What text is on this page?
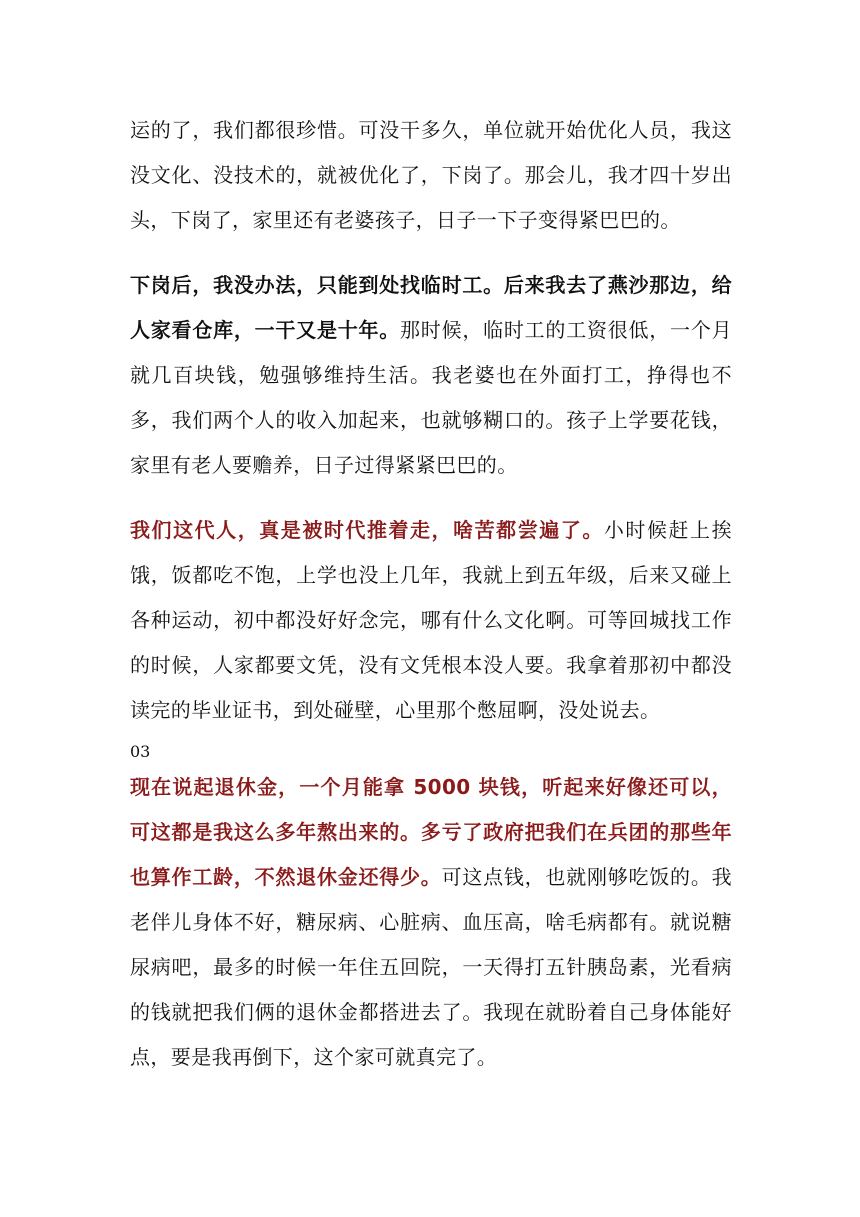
运的了，我们都很珍惜。可没干多久，单位就开始优化人员，我这没文化、没技术的，就被优化了，下岗了。那会儿，我才四十岁出头，下岗了，家里还有老婆孩子，日子一下子变得紧巴巴的。

下岗后，我没办法，只能到处找临时工。后来我去了燕沙那边，给人家看仓库，一干又是十年。那时候，临时工的工资很低，一个月就几百块钱，勉强够维持生活。我老婆也在外面打工，挣得也不多，我们两个人的收入加起来，也就够糊口的。孩子上学要花钱，家里有老人要赡养，日子过得紧紧巴巴的。

我们这代人，真是被时代推着走，啥苦都尝遍了。小时候赶上挨饿，饭都吃不饱，上学也没上几年，我就上到五年级，后来又碰上各种运动，初中都没好好念完，哪有什么文化啊。可等回城找工作的时候，人家都要文凭，没有文凭根本没人要。我拿着那初中都没读完的毕业证书，到处碰壁，心里那个憋屈啊，没处说去。

03

现在说起退休金，一个月能拿 5000 块钱，听起来好像还可以，可这都是我这么多年熬出来的。多亏了政府把我们在兵团的那些年也算作工龄，不然退休金还得少。可这点钱，也就刚够吃饭的。我老伴儿身体不好，糖尿病、心脏病、血压高，啥毛病都有。就说糖尿病吧，最多的时候一年住五回院，一天得打五针胰岛素，光看病的钱就把我们俩的退休金都搭进去了。我现在就盼着自己身体能好点，要是我再倒下，这个家可就真完了。
